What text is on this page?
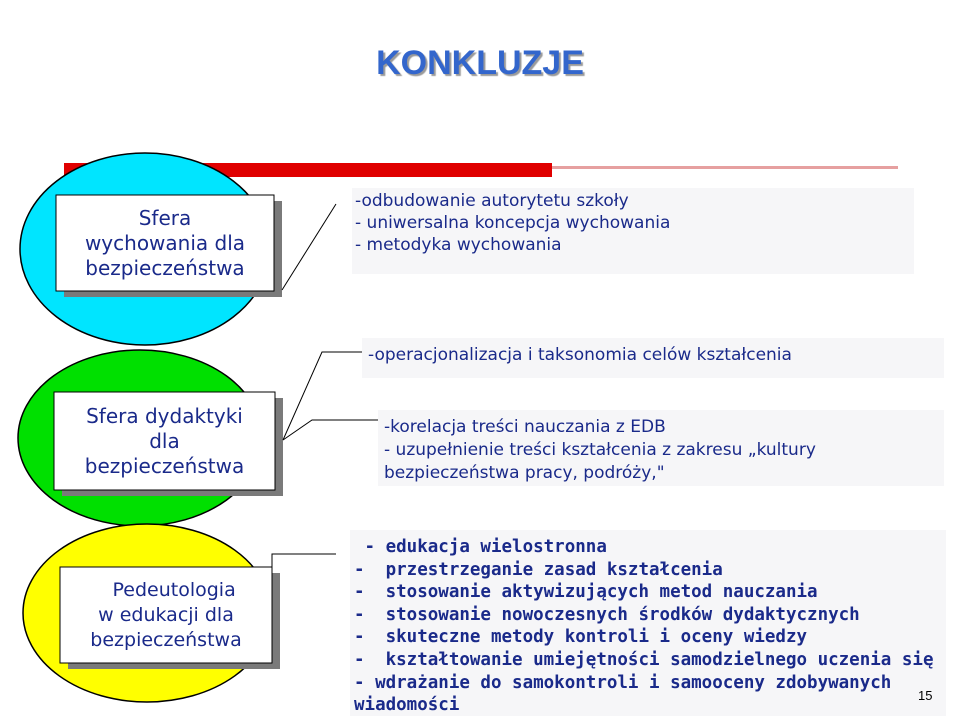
KONKLUZJE
Sfera
wychowania dla
bezpieczeństwa
Sfera dydaktyki
dla
bezpieczeństwa
Pedeutologia
w edukacji dla
bezpieczeństwa
-odbudowanie autorytetu szkoły
- uniwersalna koncepcja wychowania
- metodyka wychowania
-operacjonalizacja i taksonomia celów kształcenia
-korelacja treści nauczania z EDB
- uzupełnienie treści kształcenia z zakresu „kultury
bezpieczeństwa pracy, podróży,"
- edukacja wielostronna
-  przestrzeganie zasad kształcenia
-  stosowanie aktywizujących metod nauczania
-  stosowanie nowoczesnych środków dydaktycznych
-  skuteczne metody kontroli i oceny wiedzy
-  kształtowanie umiejętności samodzielnego uczenia się
- wdrażanie do samokontroli i samooceny zdobywanych
wiadomości	15
